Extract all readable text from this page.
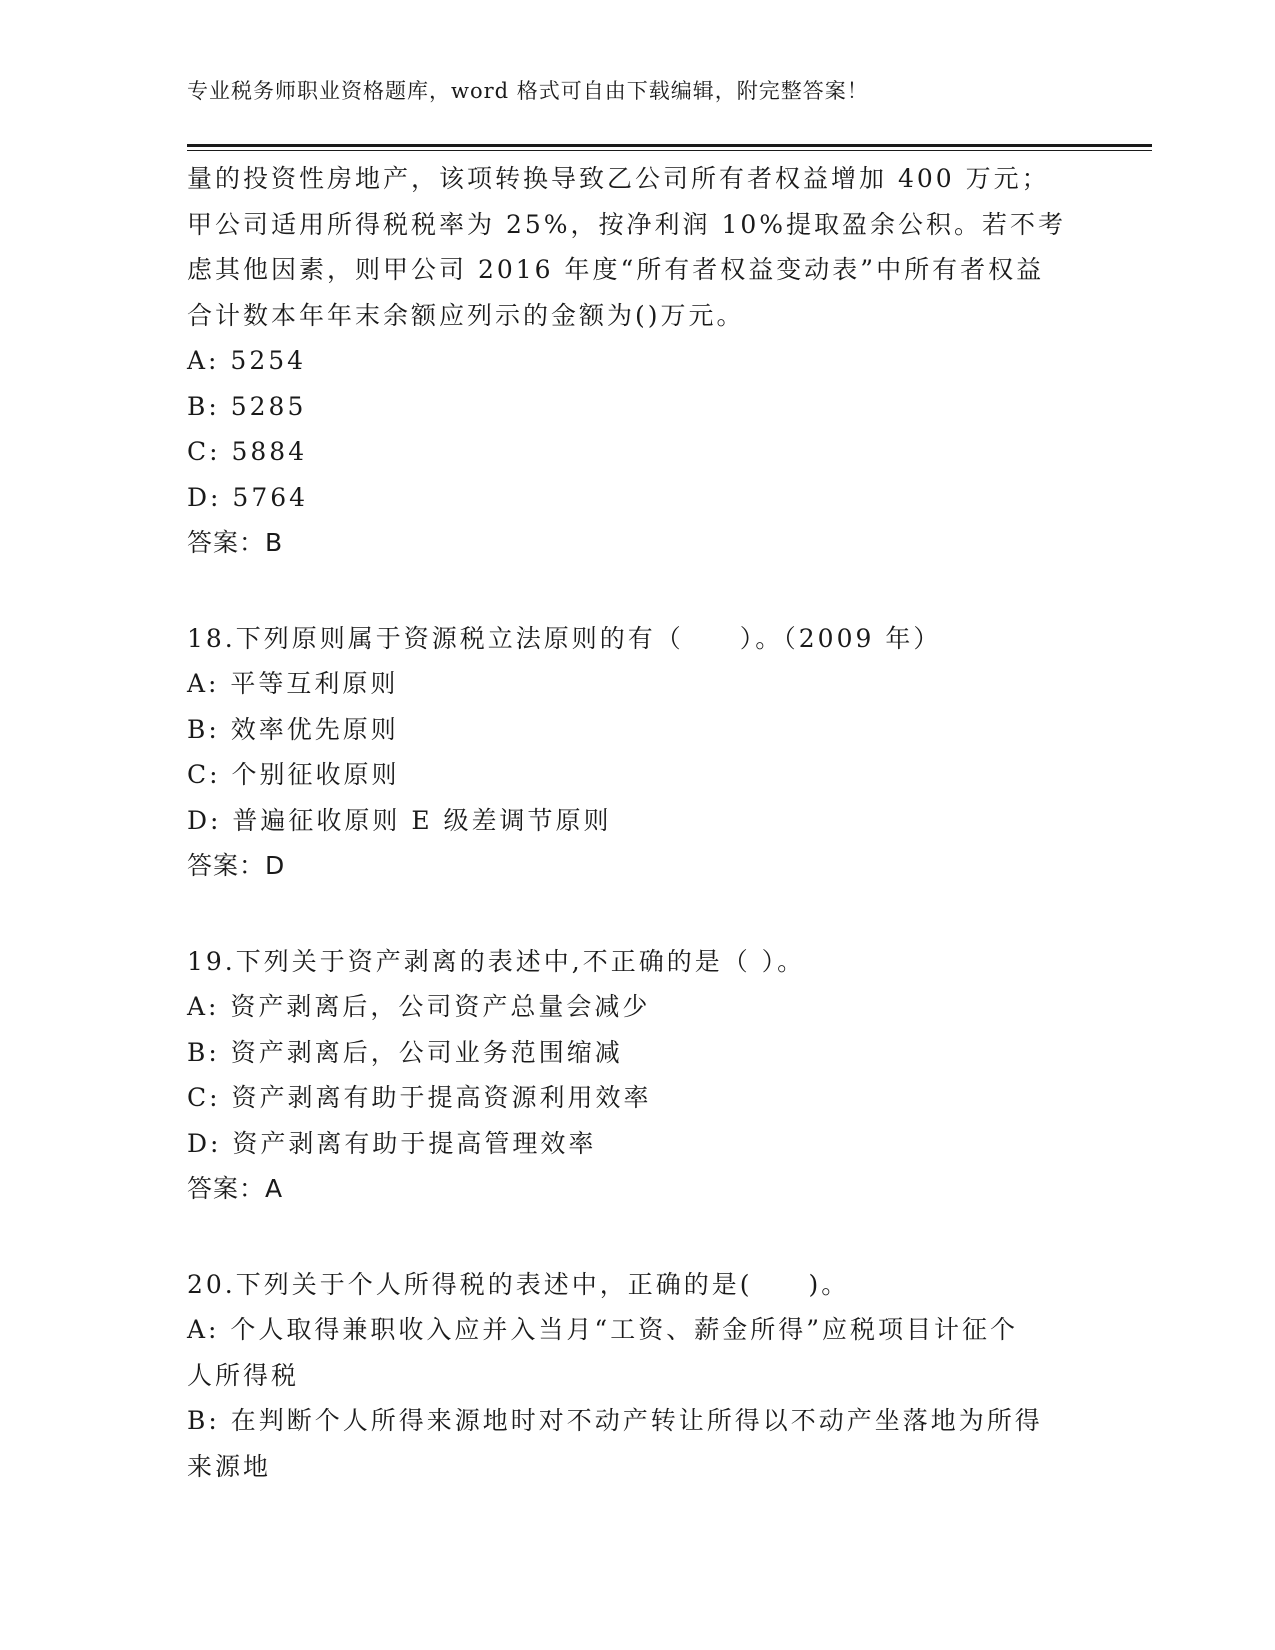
专业税务师职业资格题库，word 格式可自由下载编辑，附完整答案！
量的投资性房地产，该项转换导致乙公司所有者权益增加 400 万元；
甲公司适用所得税税率为 25%，按净利润 10%提取盈余公积。若不考
虑其他因素，则甲公司 2016 年度“所有者权益变动表”中所有者权益
合计数本年年末余额应列示的金额为()万元。
A: 5254
B: 5285
C: 5884
D: 5764
答案：B
18.下列原则属于资源税立法原则的有（　　）。（2009 年）
A: 平等互利原则
B: 效率优先原则
C: 个别征收原则
D: 普遍征收原则 E 级差调节原则
答案：D
19.下列关于资产剥离的表述中,不正确的是（ ）。
A: 资产剥离后，公司资产总量会减少
B: 资产剥离后，公司业务范围缩减
C: 资产剥离有助于提高资源利用效率
D: 资产剥离有助于提高管理效率
答案：A
20.下列关于个人所得税的表述中，正确的是(　　)。
A: 个人取得兼职收入应并入当月“工资、薪金所得”应税项目计征个
人所得税
B: 在判断个人所得来源地时对不动产转让所得以不动产坐落地为所得
来源地
